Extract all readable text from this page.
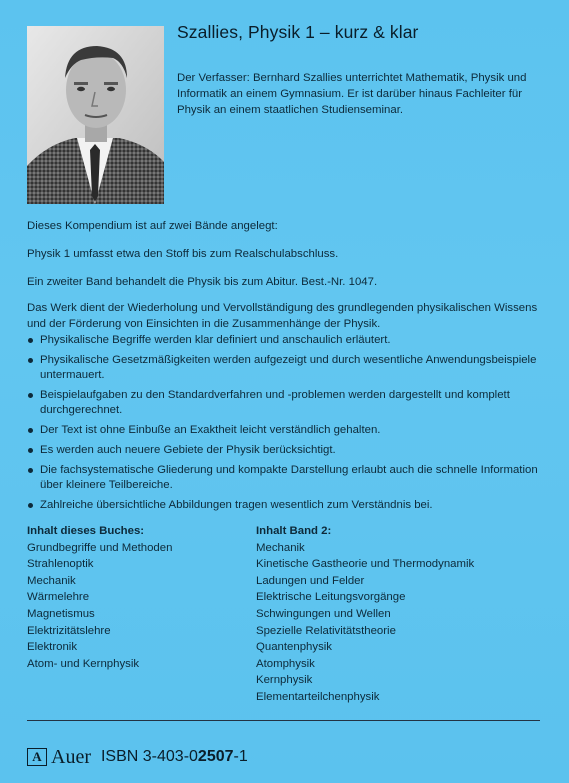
Szallies, Physik 1 – kurz & klar
Der Verfasser: Bernhard Szallies unterrichtet Mathematik, Physik und Informatik an einem Gymnasium. Er ist darüber hinaus Fachleiter für Physik an einem staatlichen Studienseminar.
Dieses Kompendium ist auf zwei Bände angelegt:
Physik 1 umfasst etwa den Stoff bis zum Realschulabschluss.
Ein zweiter Band behandelt die Physik bis zum Abitur. Best.-Nr. 1047.
Das Werk dient der Wiederholung und Vervollständigung des grundlegenden physikalischen Wissens und der Förderung von Einsichten in die Zusammenhänge der Physik.
Physikalische Begriffe werden klar definiert und anschaulich erläutert.
Physikalische Gesetzmäßigkeiten werden aufgezeigt und durch wesentliche Anwendungsbeispiele untermauert.
Beispielaufgaben zu den Standardverfahren und -problemen werden dargestellt und komplett durchgerechnet.
Der Text ist ohne Einbuße an Exaktheit leicht verständlich gehalten.
Es werden auch neuere Gebiete der Physik berücksichtigt.
Die fachsystematische Gliederung und kompakte Darstellung erlaubt auch die schnelle Information über kleinere Teilbereiche.
Zahlreiche übersichtliche Abbildungen tragen wesentlich zum Verständnis bei.
Inhalt dieses Buches:
Grundbegriffe und Methoden
Strahlenoptik
Mechanik
Wärmelehre
Magnetismus
Elektrizitätslehre
Elektronik
Atom- und Kernphysik
Inhalt Band 2:
Mechanik
Kinetische Gastheorie und Thermodynamik
Ladungen und Felder
Elektrische Leitungsvorgänge
Schwingungen und Wellen
Spezielle Relativitätstheorie
Quantenphysik
Atomphysik
Kernphysik
Elementarteilchenphysik
A Auer ISBN 3-403-02507-1
